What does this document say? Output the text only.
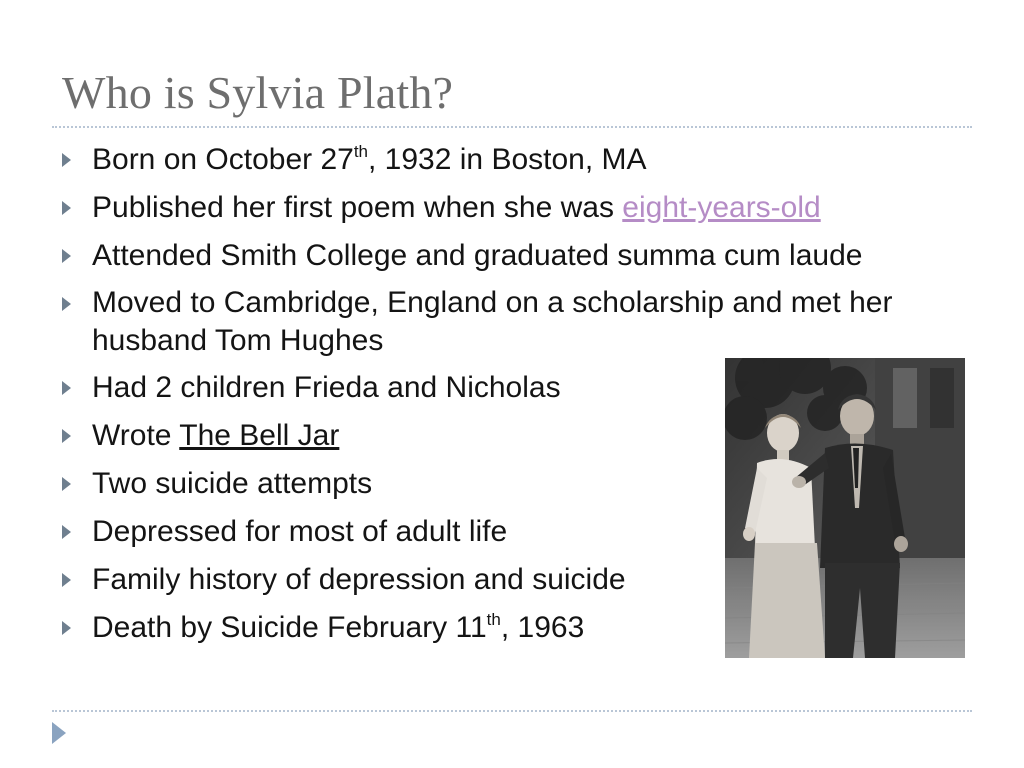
Who is Sylvia Plath?
Born on October 27th, 1932 in Boston, MA
Published her first poem when she was eight-years-old
Attended Smith College and graduated summa cum laude
Moved to Cambridge, England on a scholarship and met her husband Tom Hughes
Had 2 children Frieda and Nicholas
Wrote The Bell Jar
Two suicide attempts
Depressed for most of adult life
Family history of depression and suicide
Death by Suicide February 11th, 1963
